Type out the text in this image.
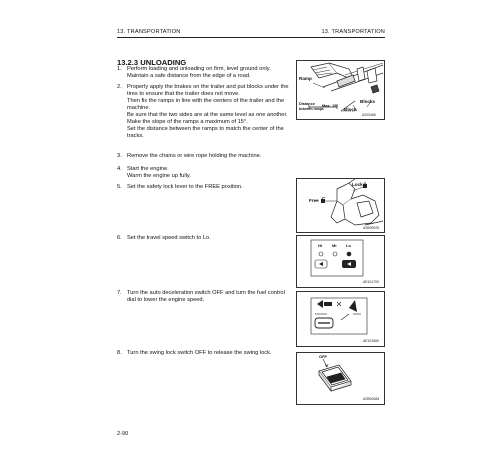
13. TRANSPORTATION	13. TRANSPORTATION
13.2.3 UNLOADING
1. Perform loading and unloading on firm, level ground only.
Maintain a safe distance from the edge of a road.
2. Properly apply the brakes on the trailer and put blocks under the
tires to ensure that the trailer does not move.
Then fix the ramps in line with the centers of the trailer and the
machine.
Be sure that the two sides are at the same level as one another.
Make the slope of the ramps a maximum of 15°.
Set the distance between the ramps to match the center of the
tracks.
3. Remove the chains or wire rope holding the machine.
4. Start the engine.
Warm the engine up fully.
5. Set the safety lock lever to the FREE position.
6. Set the travel speed switch to Lo.
7. Turn the auto deceleration switch OFF and turn the fuel control
dial to lower the engine speed.
8. Turn the swing lock switch OFF to release the swing lock.
Ramp
Blocks
Block
Distance
between ramps
Max. 15°
&200468
Lock
Free
&SB00920
Hi	Mi Lo
AE101700
AE101560
OFF
&SB00384
2-90
